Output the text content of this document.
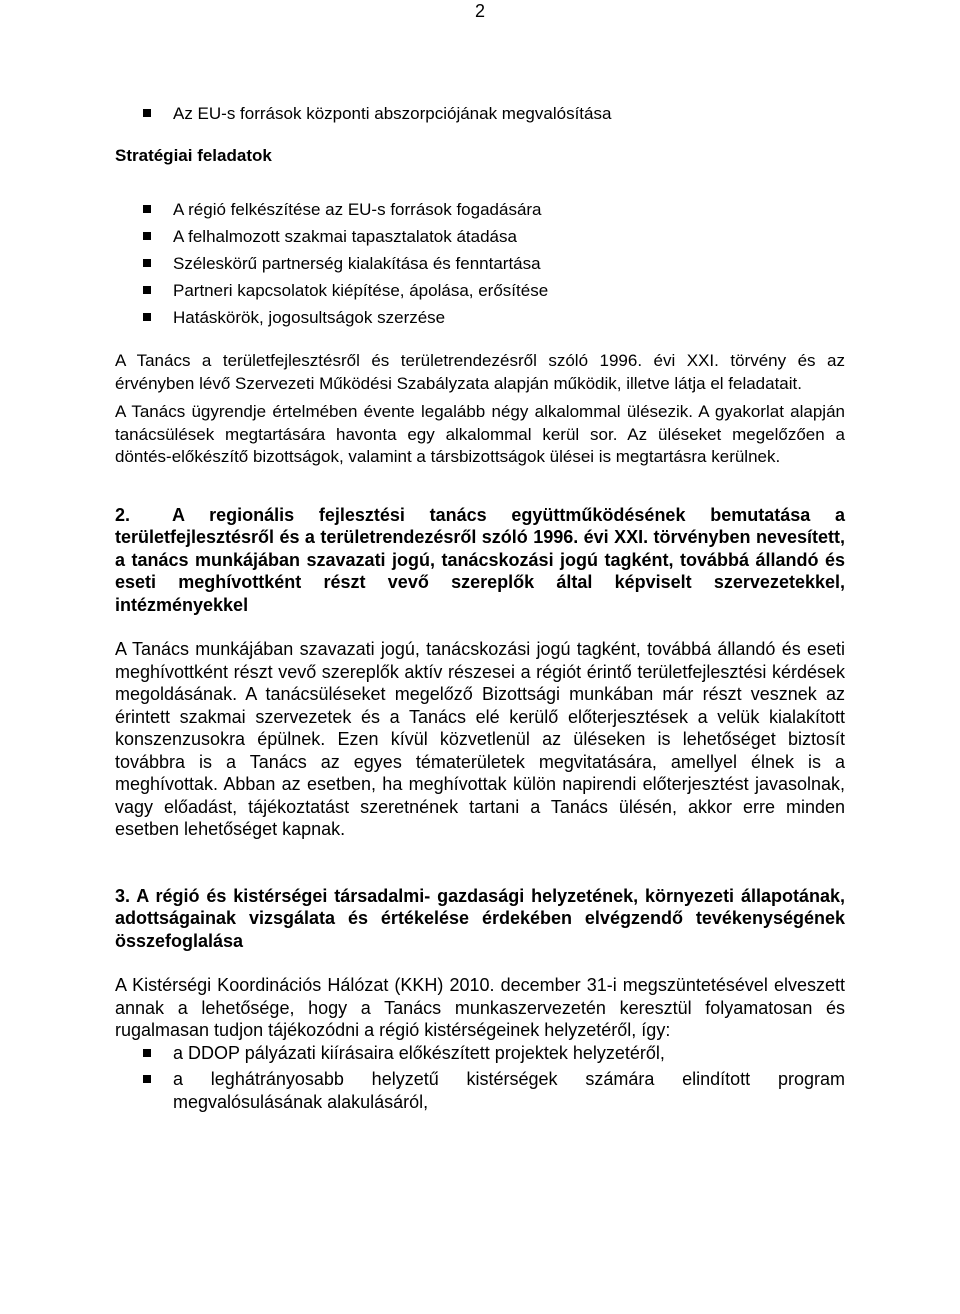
2
Az EU-s források központi abszorpciójának megvalósítása
Stratégiai feladatok
A régió felkészítése az EU-s források fogadására
A felhalmozott szakmai tapasztalatok átadása
Széleskörű partnerség kialakítása és fenntartása
Partneri kapcsolatok kiépítése, ápolása, erősítése
Hatáskörök, jogosultságok szerzése

A Tanács a területfejlesztésről és területrendezésről szóló 1996. évi XXI. törvény és az érvényben lévő Szervezeti Működési Szabályzata alapján működik, illetve látja el feladatait.

A Tanács ügyrendje értelmében évente legalább négy alkalommal ülésezik. A gyakorlat alapján tanácsülések megtartására havonta egy alkalommal kerül sor. Az üléseket megelőzően a döntés-előkészítő bizottságok, valamint a társbizottságok ülései is megtartásra kerülnek.

2. A regionális fejlesztési tanács együttműködésének bemutatása a területfejlesztésről és a területrendezésről szóló 1996. évi XXI. törvényben nevesített, a tanács munkájában szavazati jogú, tanácskozási jogú tagként, továbbá állandó és eseti meghívottként részt vevő szereplők által képviselt szervezetekkel, intézményekkel

A Tanács munkájában szavazati jogú, tanácskozási jogú tagként, továbbá állandó és eseti meghívottként részt vevő szereplők aktív részesei a régiót érintő területfejlesztési kérdések megoldásának. A tanácsüléseket megelőző Bizottsági munkában már részt vesznek az érintett szakmai szervezetek és a Tanács elé kerülő előterjesztések a velük kialakított konszenzusokra épülnek. Ezen kívül közvetlenül az üléseken is lehetőséget biztosít továbbra is a Tanács az egyes tématerületek megvitatására, amellyel élnek is a meghívottak. Abban az esetben, ha meghívottak külön napirendi előterjesztést javasolnak, vagy előadást, tájékoztatást szeretnének tartani a Tanács ülésén, akkor erre minden esetben lehetőséget kapnak.

3. A régió és kistérségei társadalmi- gazdasági helyzetének, környezeti állapotának, adottságainak vizsgálata és értékelése érdekében elvégzendő tevékenységének összefoglalása

A Kistérségi Koordinációs Hálózat (KKH) 2010. december 31-i megszüntetésével elveszett annak a lehetősége, hogy a Tanács munkaszervezetén keresztül folyamatosan és rugalmasan tudjon tájékozódni a régió kistérségeinek helyzetéről, így:

a DDOP pályázati kiírásaira előkészített projektek helyzetéről,
a leghátrányosabb helyzetű kistérségek számára elindított program megvalósulásának alakulásáról,
